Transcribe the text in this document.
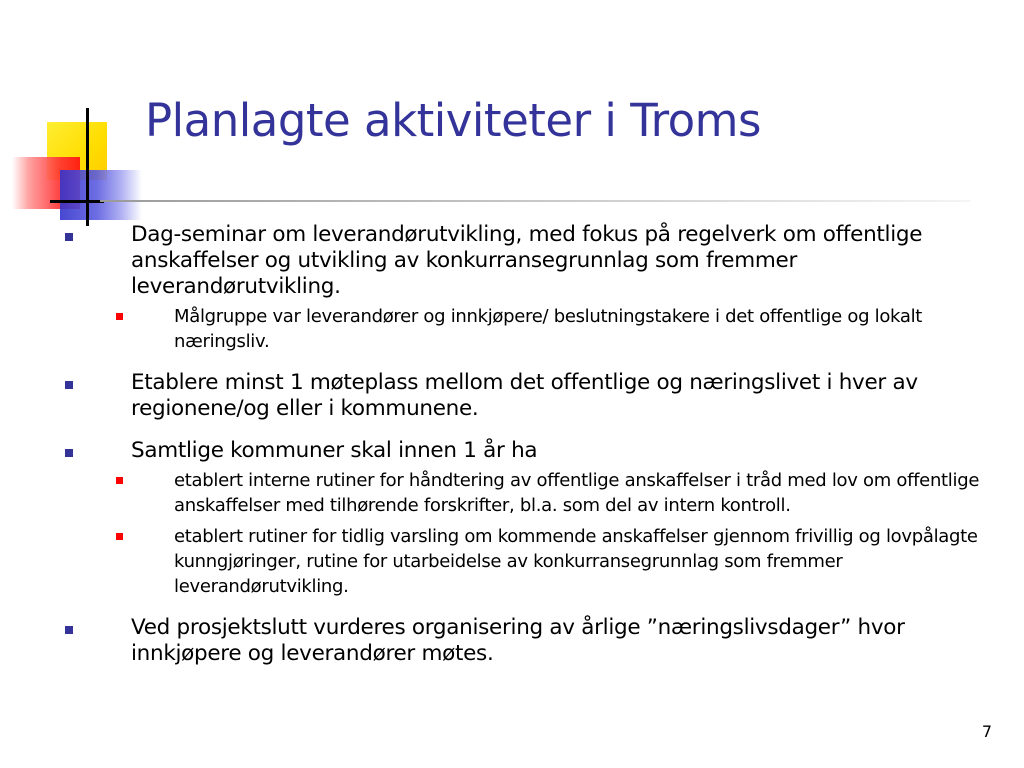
Planlagte aktiviteter i Troms
Dag-seminar om leverandørutvikling, med fokus på regelverk om offentlige anskaffelser og utvikling av konkurransegrunnlag som fremmer leverandørutvikling.
Målgruppe var leverandører og innkjøpere/ beslutningstakere i det offentlige og lokalt næringsliv.
Etablere minst 1 møteplass mellom det offentlige og næringslivet i hver av regionene/og eller i kommunene.
Samtlige kommuner skal innen 1 år ha
etablert interne rutiner for håndtering av offentlige anskaffelser i tråd med lov om offentlige anskaffelser med tilhørende forskrifter, bl.a. som del av intern kontroll.
etablert rutiner for tidlig varsling om kommende anskaffelser gjennom frivillig og lovpålagte kunngjøringer, rutine for utarbeidelse av konkurransegrunnlag som fremmer leverandørutvikling.
Ved prosjektslutt vurderes organisering av årlige ”næringslivsdager” hvor innkjøpere og leverandører møtes.
7
